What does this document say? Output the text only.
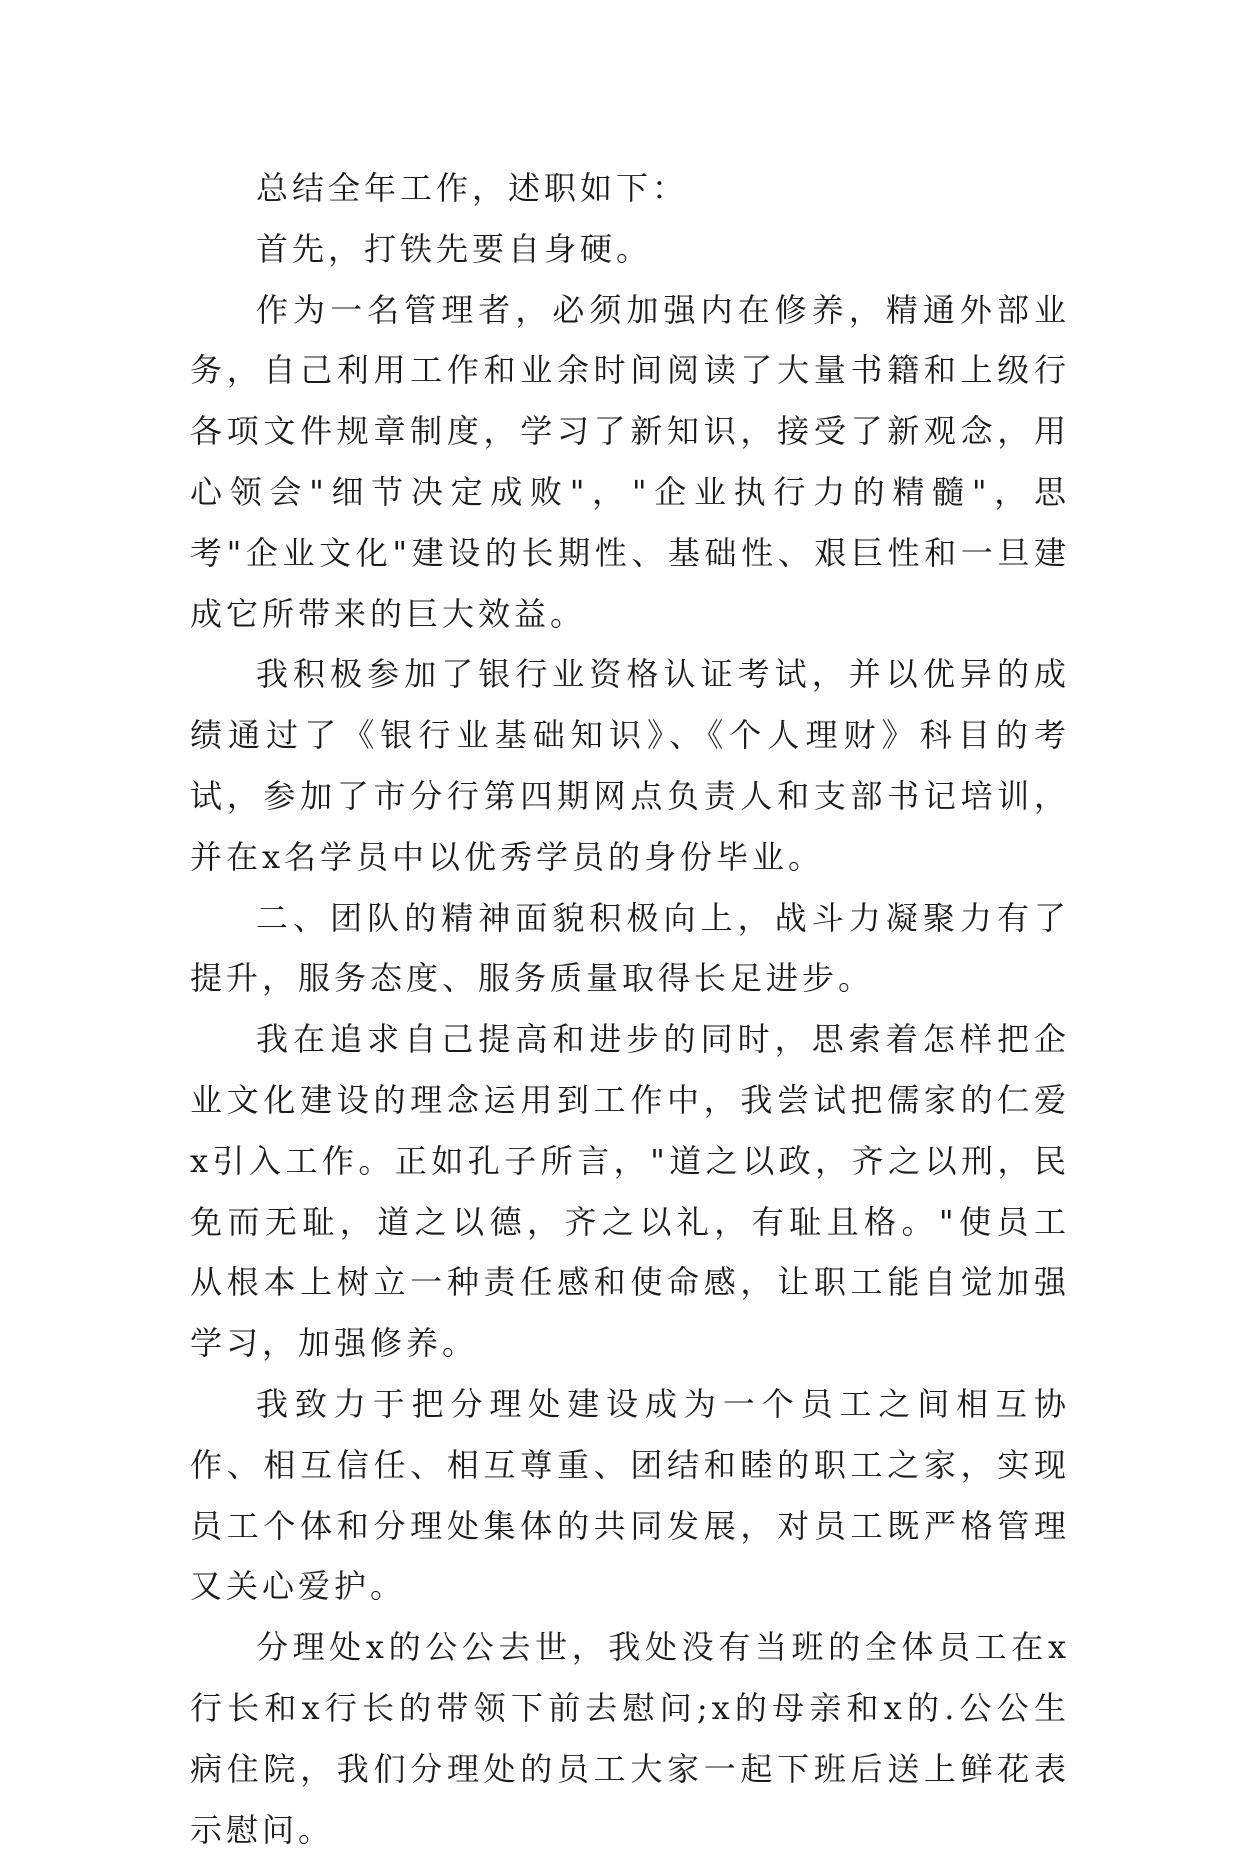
总结全年工作，述职如下：

首先，打铁先要自身硬。

作为一名管理者，必须加强内在修养，精通外部业务，自己利用工作和业余时间阅读了大量书籍和上级行各项文件规章制度，学习了新知识，接受了新观念，用心领会"细节决定成败"，"企业执行力的精髓"，思考"企业文化"建设的长期性、基础性、艰巨性和一旦建成它所带来的巨大效益。

我积极参加了银行业资格认证考试，并以优异的成绩通过了《银行业基础知识》、《个人理财》科目的考试，参加了市分行第四期网点负责人和支部书记培训，并在x名学员中以优秀学员的身份毕业。

二、团队的精神面貌积极向上，战斗力凝聚力有了提升，服务态度、服务质量取得长足进步。

我在追求自己提高和进步的同时，思索着怎样把企业文化建设的理念运用到工作中，我尝试把儒家的仁爱x引入工作。正如孔子所言，"道之以政，齐之以刑，民免而无耻，道之以德，齐之以礼，有耻且格。"使员工从根本上树立一种责任感和使命感，让职工能自觉加强学习，加强修养。

我致力于把分理处建设成为一个员工之间相互协作、相互信任、相互尊重、团结和睦的职工之家，实现员工个体和分理处集体的共同发展，对员工既严格管理又关心爱护。

分理处x的公公去世，我处没有当班的全体员工在x行长和x行长的带领下前去慰问;x的母亲和x的.公公生病住院，我们分理处的员工大家一起下班后送上鲜花表示慰问。
